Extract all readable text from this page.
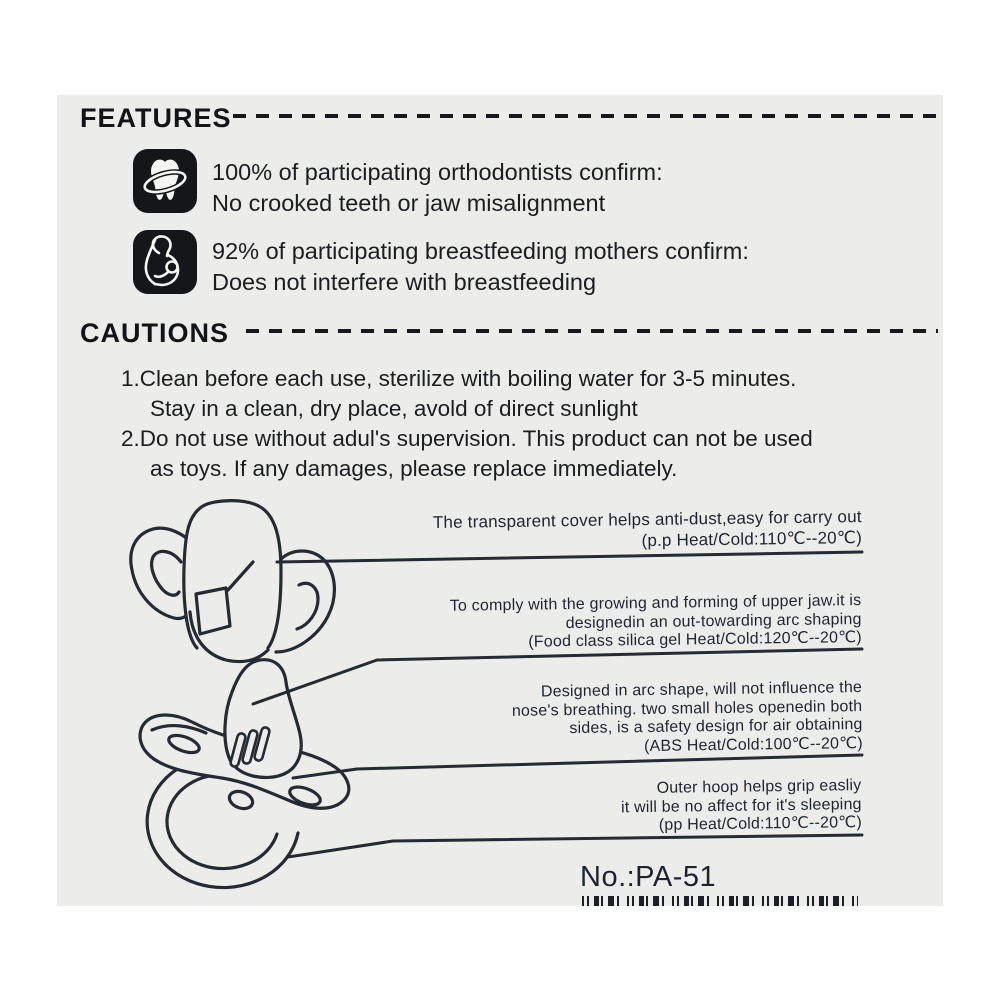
FEATURES
100% of participating orthodontists confirm:
No crooked teeth or jaw misalignment
92% of participating breastfeeding mothers confirm:
Does not interfere with breastfeeding
CAUTIONS
1.Clean before each use, sterilize with boiling water for 3-5 minutes.
Stay in a clean, dry place, avold of direct sunlight
2.Do not use without adul's supervision. This product can not be used
as toys. If any damages, please replace immediately.
The transparent cover helps anti-dust,easy for carry out
(p.p Heat/Cold:110℃--20℃)
To comply with the growing and forming of upper jaw.it is
designedin an out-towarding arc shaping
(Food class silica gel Heat/Cold:120℃--20℃)
Designed in arc shape, will not influence the
nose's breathing. two small holes openedin both
sides, is a safety design for air obtaining
(ABS Heat/Cold:100℃--20℃)
Outer hoop helps grip easliy
it will be no affect for it's sleeping
(pp Heat/Cold:110℃--20℃)
No.:PA-51
